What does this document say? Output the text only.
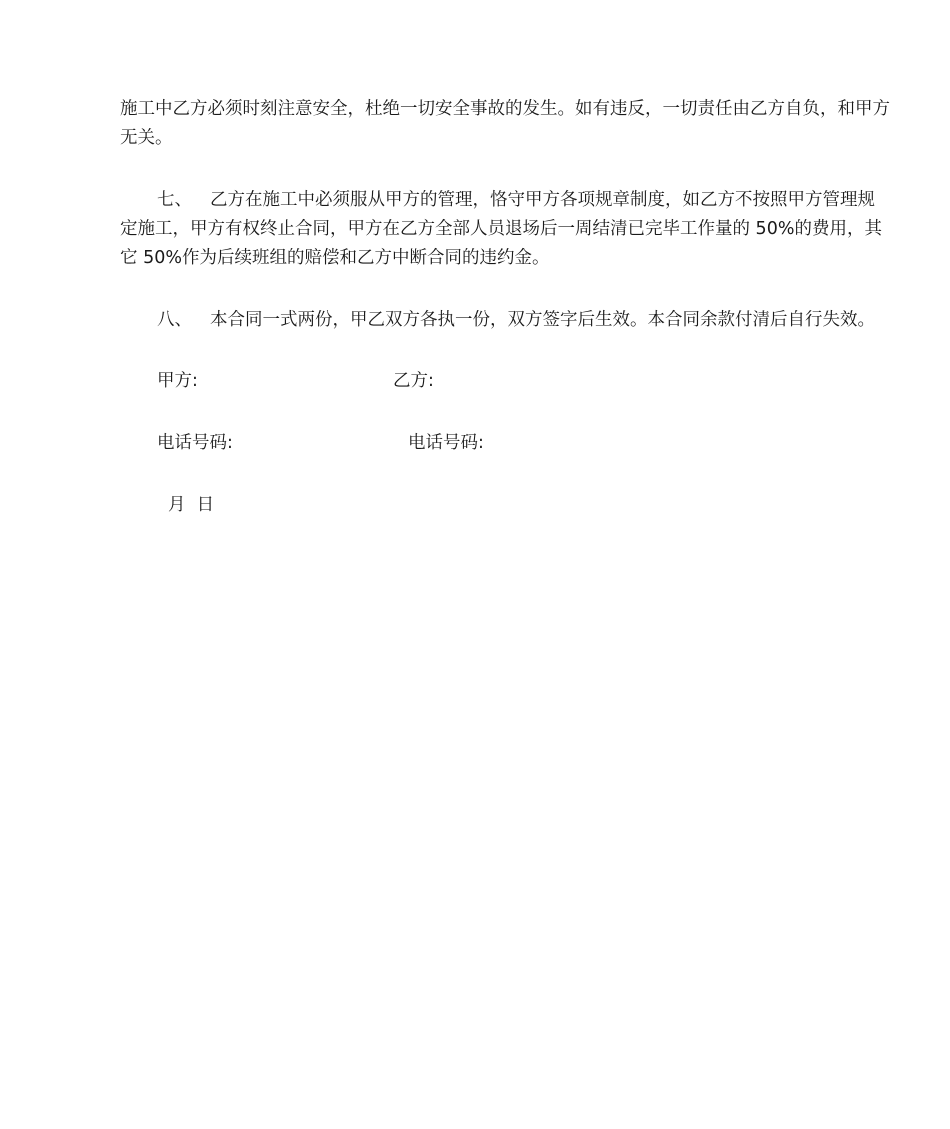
施工中乙方必须时刻注意安全，杜绝一切安全事故的发生。如有违反，一切责任由乙方自负，和甲方无关。

七、 乙方在施工中必须服从甲方的管理，恪守甲方各项规章制度，如乙方不按照甲方管理规定施工，甲方有权终止合同，甲方在乙方全部人员退场后一周结清已完毕工作量的 50%的费用，其它 50%作为后续班组的赔偿和乙方中断合同的违约金。

八、 本合同一式两份，甲乙双方各执一份，双方签字后生效。本合同余款付清后自行失效。

甲方:	乙方:

电话号码:	电话号码:

月  日
